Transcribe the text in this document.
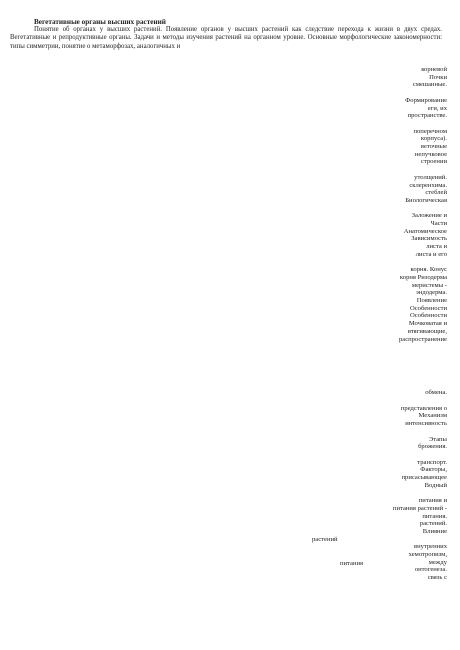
Вегетативные органы высших растений
Понятие об органах у высших растений. Появление органов у высших растений как следствие перехода к жизни в двух средах. Вегетативные и репродуктивные органы. Задачи и методы изучения растений на органном уровне. Основные морфологические закономерности: типы симметрии, понятие о метаморфозах, аналогичных и
корневой
Почки
смешанные.
Формирование
еги, их
пространстве.
поперечном
корпуса).
веточные
непучковое
строении
утолщений.
склеренхима.
стеблей
Биологическая
Заложение и
Части
Анатомическое
Зависимость
листа и
листа и его
корня. Конус
корня Ризодерма
меристемы -
эндодерма.
Появление
Особенности
Особенности
Мочковатая и
втягивающие,
распространение
обмена.
представления о
Механизм
интенсивность
Этапы
брожения.
транспорт.
Факторы,
присасывающее
Водный
питания и
питания растений -
питания.
растений.
Влияние
внутренних
хемотропизм,
между
онтогенеза.
связь с
растений
питания
